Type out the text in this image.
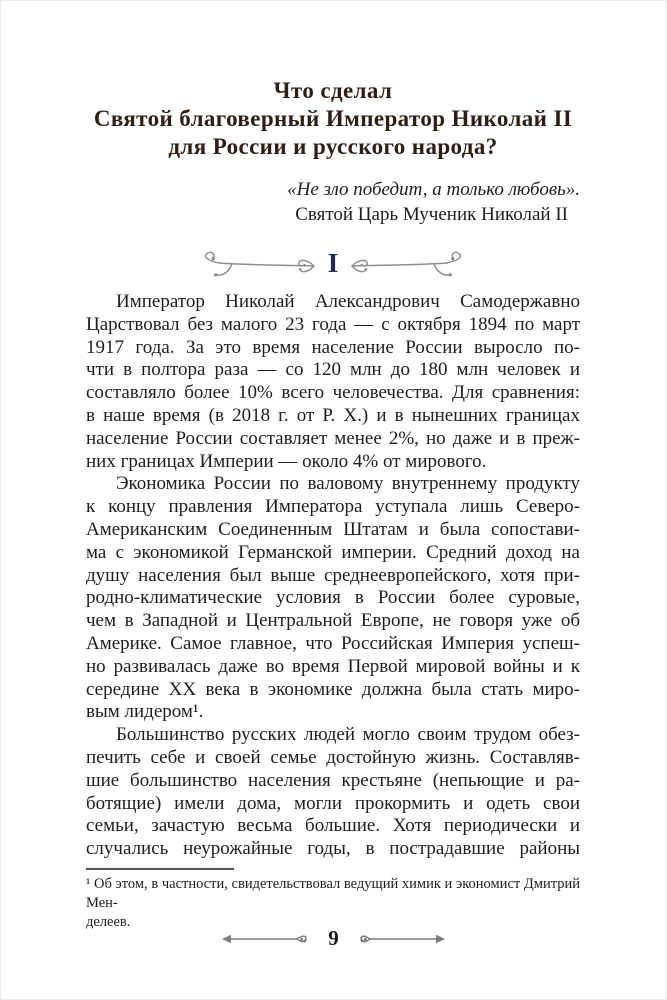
Что сделал
Святой благоверный Император Николай II
для России и русского народа?
«Не зло победит, а только любовь».
Святой Царь Мученик Николай II
I
Император Николай Александрович Самодержавно
Царствовал без малого 23 года — с октября 1894 по март
1917 года. За это время население России выросло по-
чти в полтора раза — со 120 млн до 180 млн человек и
составляло более 10% всего человечества. Для сравнения:
в наше время (в 2018 г. от Р. Х.) и в нынешних границах
население России составляет менее 2%, но даже и в преж-
них границах Империи — около 4% от мирового.
Экономика России по валовому внутреннему продукту
к концу правления Императора уступала лишь Северо-
Американским Соединенным Штатам и была сопостави-
ма с экономикой Германской империи. Средний доход на
душу населения был выше среднеевропейского, хотя при-
родно-климатические условия в России более суровые,
чем в Западной и Центральной Европе, не говоря уже об
Америке. Самое главное, что Российская Империя успеш-
но развивалась даже во время Первой мировой войны и к
середине XX века в экономике должна была стать миро-
вым лидером¹.
Большинство русских людей могло своим трудом обез-
печить себе и своей семье достойную жизнь. Составляв-
шие большинство населения крестьяне (непьющие и ра-
ботящие) имели дома, могли прокормить и одеть свои
семьи, зачастую весьма большие. Хотя периодически и
случались неурожайные годы, в пострадавшие районы
¹ Об этом, в частности, свидетельствовал ведущий химик и экономист Дмитрий Мен-
делеев.
9
